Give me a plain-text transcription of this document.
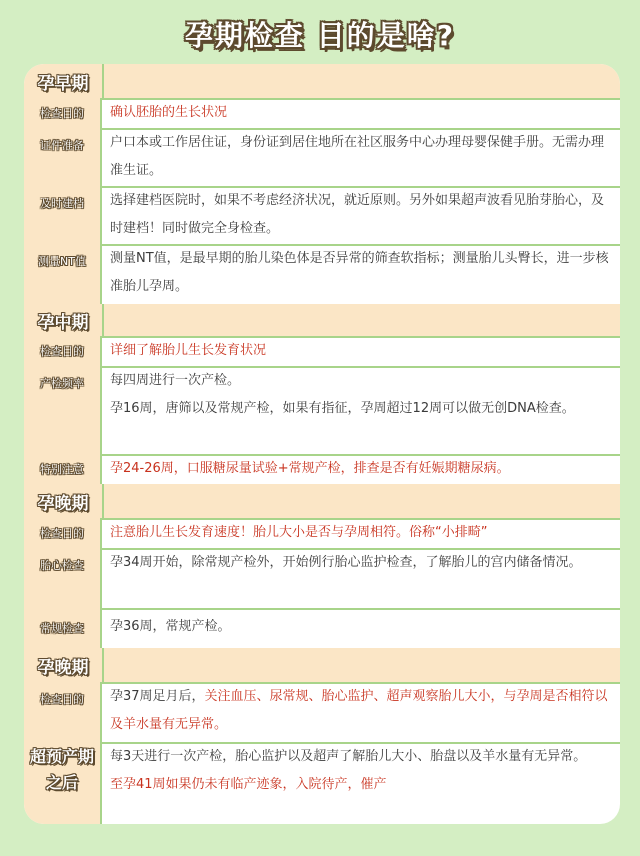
孕期检查 目的是啥?
孕早期
检查目的 确认胚胎的生长状况
证件准备 户口本或工作居住证，身份证到居住地所在社区服务中心办理母婴保健手册。无需办理准生证。
及时建档 选择建档医院时，如果不考虑经济状况，就近原则。另外如果超声波看见胎芽胎心，及时建档！同时做完全身检查。
测量NT值 测量NT值，是最早期的胎儿染色体是否异常的筛查软指标；测量胎儿头臀长，进一步核准胎儿孕周。
孕中期
检查目的 详细了解胎儿生长发育状况
产检频率 每四周进行一次产检。

孕16周，唐筛以及常规产检，如果有指征，孕周超过12周可以做无创DNA检查。

特别注意 孕24-26周，口服糖尿量试验+常规产检，排查是否有妊娠期糖尿病。
孕晚期
检查目的 注意胎儿生长发育速度！胎儿大小是否与孕周相符。俗称“小排畸”
胎心检查 孕34周开始，除常规产检外，开始例行胎心监护检查，了解胎儿的宫内储备情况。
常规检查 孕36周，常规产检。
孕晚期
检查目的 孕37周足月后，关注血压、尿常规、胎心监护、超声观察胎儿大小，与孕周是否相符以及羊水量有无异常。
超预产期之后

每3天进行一次产检，胎心监护以及超声了解胎儿大小、胎盘以及羊水量有无异常。

至孕41周如果仍未有临产迹象，入院待产，催产
